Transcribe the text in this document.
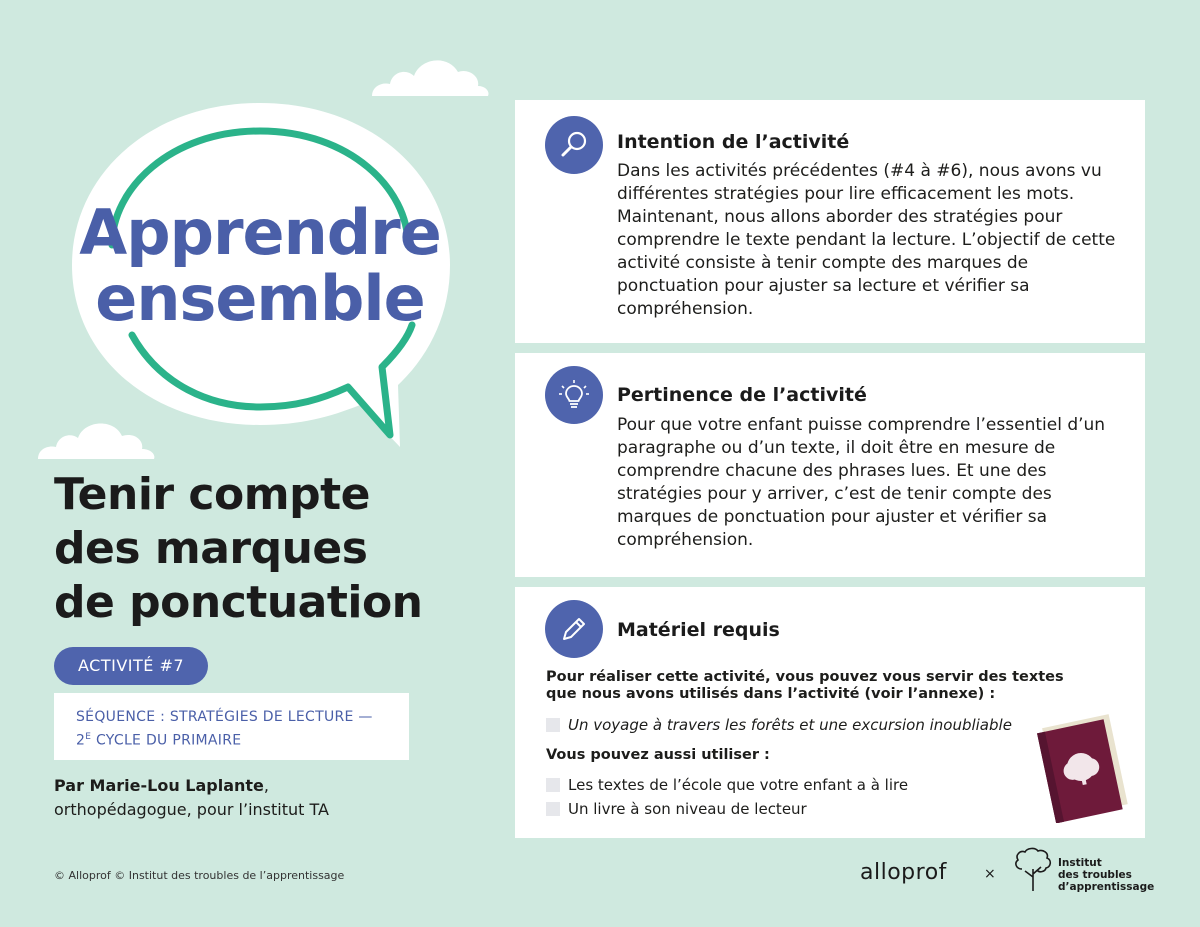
Apprendre
ensemble
Tenir compte
des marques
de ponctuation
ACTIVITÉ #7
SÉQUENCE : STRATÉGIES DE LECTURE —
$2^E$ CYCLE DU PRIMAIRE
Par Marie-Lou Laplante,
orthopédagogue, pour l’institut TA
© Alloprof © Institut des troubles de l’apprentissage
Intention de l’activité

Dans les activités précédentes (#4 à #6), nous avons vu différentes stratégies pour lire efficacement les mots. Maintenant, nous allons aborder des stratégies pour comprendre le texte pendant la lecture. L’objectif de cette activité consiste à tenir compte des marques de ponctuation pour ajuster sa lecture et vérifier sa compréhension.

Pertinence de l’activité

Pour que votre enfant puisse comprendre l’essentiel d’un paragraphe ou d’un texte, il doit être en mesure de comprendre chacune des phrases lues. Et une des stratégies pour y arriver, c’est de tenir compte des marques de ponctuation pour ajuster et vérifier sa compréhension.

Matériel requis
Pour réaliser cette activité, vous pouvez vous servir des textes
que nous avons utilisés dans l’activité (voir l’annexe) :
Un voyage à travers les forêts et une excursion inoubliable
Vous pouvez aussi utiliser :
Les textes de l’école que votre enfant a à lire
Un livre à son niveau de lecteur
alloprof	×
Institut
des troubles
d’apprentissage
